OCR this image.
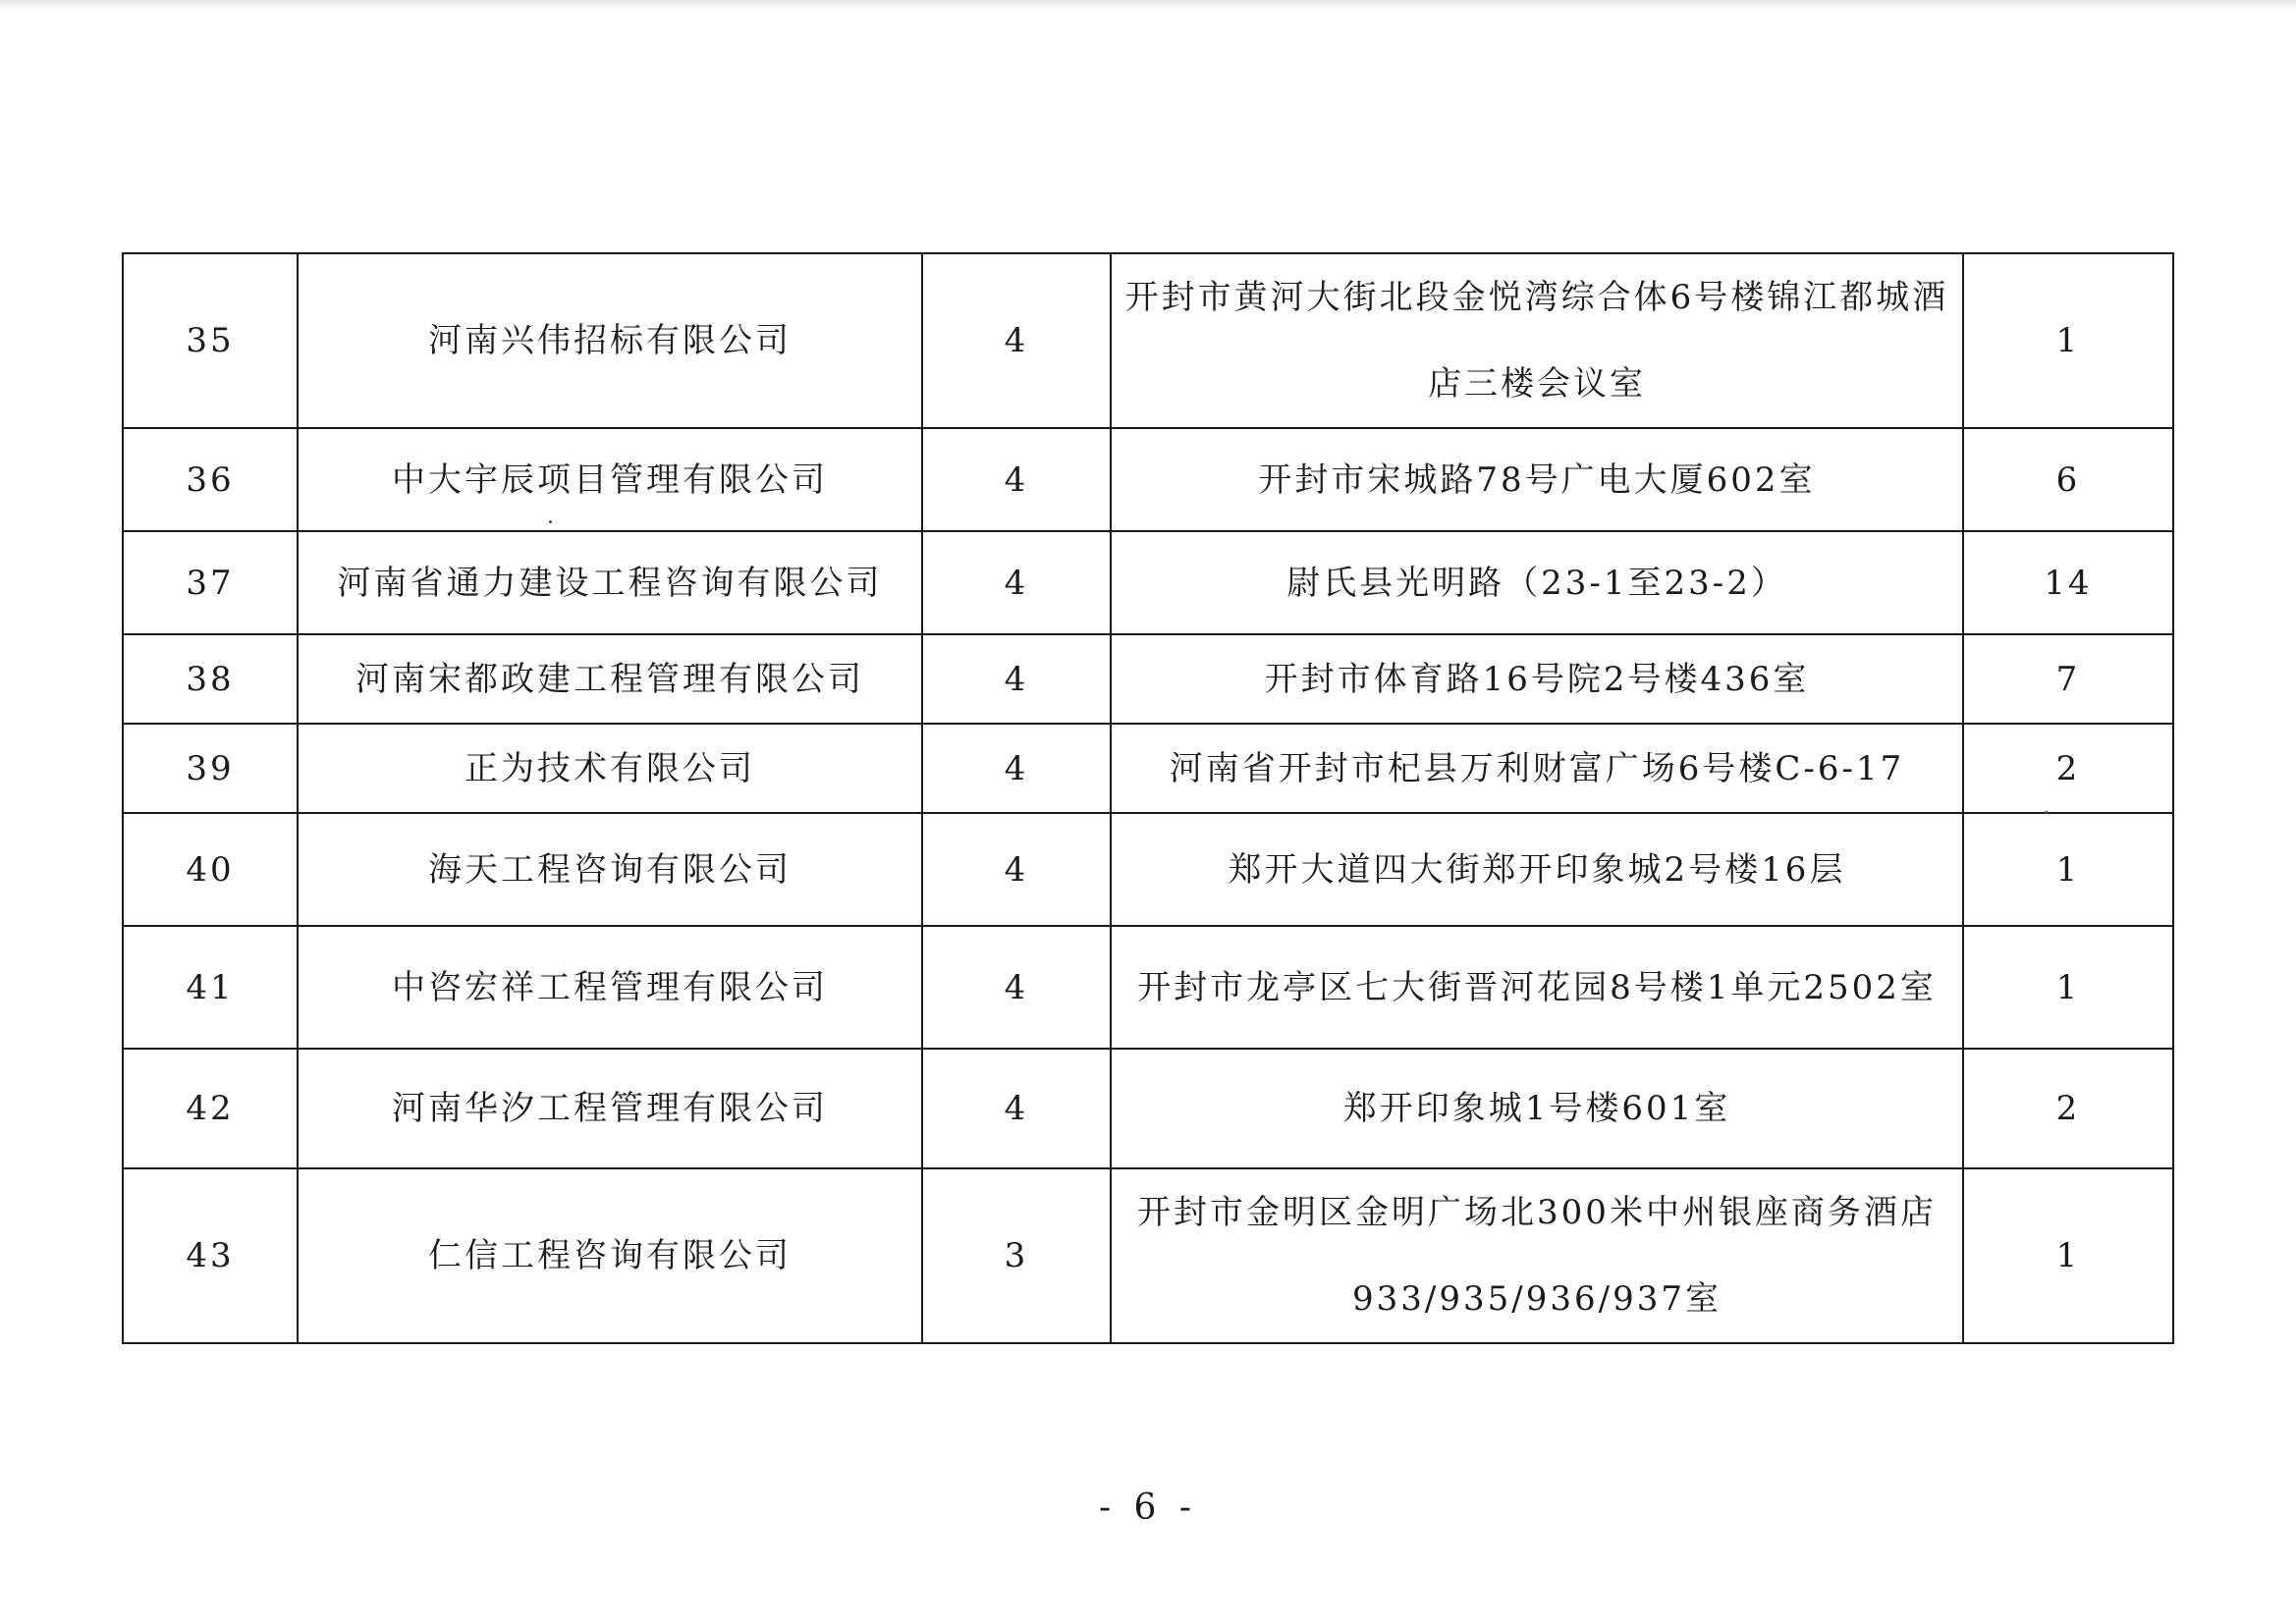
35	河南兴伟招标有限公司	4	开封市黄河大街北段金悦湾综合体6号楼锦江都城酒店三楼会议室	1
36	中大宇辰项目管理有限公司	4	开封市宋城路78号广电大厦602室	6
37	河南省通力建设工程咨询有限公司	4	尉氏县光明路（23-1至23-2）	14
38	河南宋都政建工程管理有限公司	4	开封市体育路16号院2号楼436室	7
39	正为技术有限公司	4	河南省开封市杞县万利财富广场6号楼C-6-17	2
40	海天工程咨询有限公司	4	郑开大道四大街郑开印象城2号楼16层	1
41	中咨宏祥工程管理有限公司	4	开封市龙亭区七大街晋河花园8号楼1单元2502室	1
42	河南华汐工程管理有限公司	4	郑开印象城1号楼601室	2
43	仁信工程咨询有限公司	3	开封市金明区金明广场北300米中州银座商务酒店933/935/936/937室	1
- 6 -
